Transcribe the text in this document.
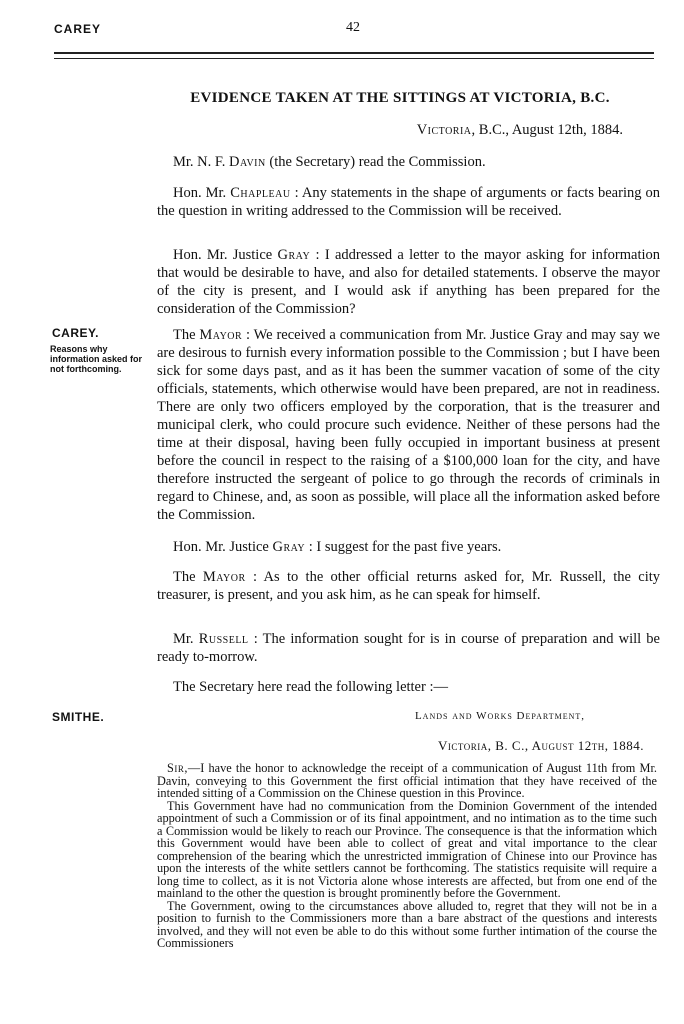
CAREY	42
EVIDENCE TAKEN AT THE SITTINGS AT VICTORIA, B.C.
Victoria, B.C., August 12th, 1884.
Mr. N. F. Davin (the Secretary) read the Commission.
Hon. Mr. Chapleau : Any statements in the shape of arguments or facts bearing on the question in writing addressed to the Commission will be received.
Hon. Mr. Justice Gray : I addressed a letter to the mayor asking for information that would be desirable to have, and also for detailed statements. I observe the mayor of the city is present, and I would ask if anything has been prepared for the consideration of the Commission?
The Mayor : We received a communication from Mr. Justice Gray and may say we are desirous to furnish every information possible to the Commission ; but I have been sick for some days past, and as it has been the summer vacation of some of the city officials, statements, which otherwise would have been prepared, are not in readiness. There are only two officers employed by the corporation, that is the treasurer and municipal clerk, who could procure such evidence. Neither of these persons had the time at their disposal, having been fully occupied in important business at present before the council in respect to the raising of a $100,000 loan for the city, and have therefore instructed the sergeant of police to go through the records of criminals in regard to Chinese, and, as soon as possible, will place all the information asked before the Commission.
Hon. Mr. Justice Gray : I suggest for the past five years.
The Mayor : As to the other official returns asked for, Mr. Russell, the city treasurer, is present, and you ask him, as he can speak for himself.
Mr. Russell : The information sought for is in course of preparation and will be ready to-morrow.
The Secretary here read the following letter :—
CAREY.
Reasons why information asked for not forthcoming.
SMITHE.	Lands and Works Department,
Victoria, B. C., August 12th, 1884.
Sir,—I have the honor to acknowledge the receipt of a communication of August 11th from Mr. Davin, conveying to this Government the first official intimation that they have received of the intended sitting of a Commission on the Chinese question in this Province.
This Government have had no communication from the Dominion Government of the intended appointment of such a Commission or of its final appointment, and no intimation as to the time such a Commission would be likely to reach our Province. The consequence is that the information which this Government would have been able to collect of great and vital importance to the clear comprehension of the bearing which the unrestricted immigration of Chinese into our Province has upon the interests of the white settlers cannot be forthcoming. The statistics requisite will require a long time to collect, as it is not Victoria alone whose interests are affected, but from one end of the mainland to the other the question is brought prominently before the Government.
The Government, owing to the circumstances above alluded to, regret that they will not be in a position to furnish to the Commissioners more than a bare abstract of the questions and interests involved, and they will not even be able to do this without some further intimation of the course the Commissioners
